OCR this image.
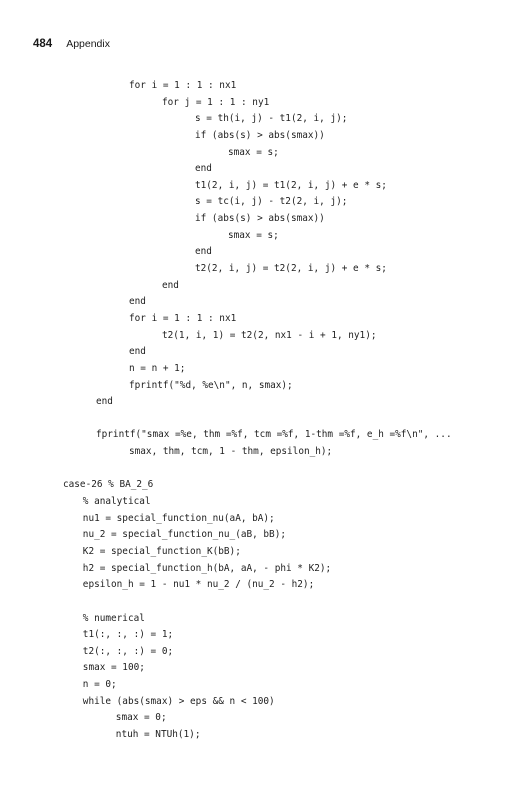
484 Appendix
for i = 1 : 1 : nx1
for j = 1 : 1 : ny1
s = th(i, j) - t1(2, i, j);
if (abs(s) > abs(smax))
smax = s;
end
t1(2, i, j) = t1(2, i, j) + e * s;
s = tc(i, j) - t2(2, i, j);
if (abs(s) > abs(smax))
smax = s;
end
t2(2, i, j) = t2(2, i, j) + e * s;
end
end
for i = 1 : 1 : nx1
t2(1, i, 1) = t2(2, nx1 - i + 1, ny1);
end
n = n + 1;
fprintf("%d, %e\n", n, smax);
end
fprintf("smax =%e, thm =%f, tcm =%f, 1-thm =%f, e_h =%f\n", ...
smax, thm, tcm, 1 - thm, epsilon_h);
case-26 % BA_2_6
% analytical
nu1 = special_function_nu(aA, bA);
nu_2 = special_function_nu_(aB, bB);
K2 = special_function_K(bB);
h2 = special_function_h(bA, aA, - phi * K2);
epsilon_h = 1 - nu1 * nu_2 / (nu_2 - h2);
% numerical
t1(:, :, :) = 1;
t2(:, :, :) = 0;
smax = 100;
n = 0;
while (abs(smax) > eps && n < 100)
smax = 0;
ntuh = NTUh(1);
